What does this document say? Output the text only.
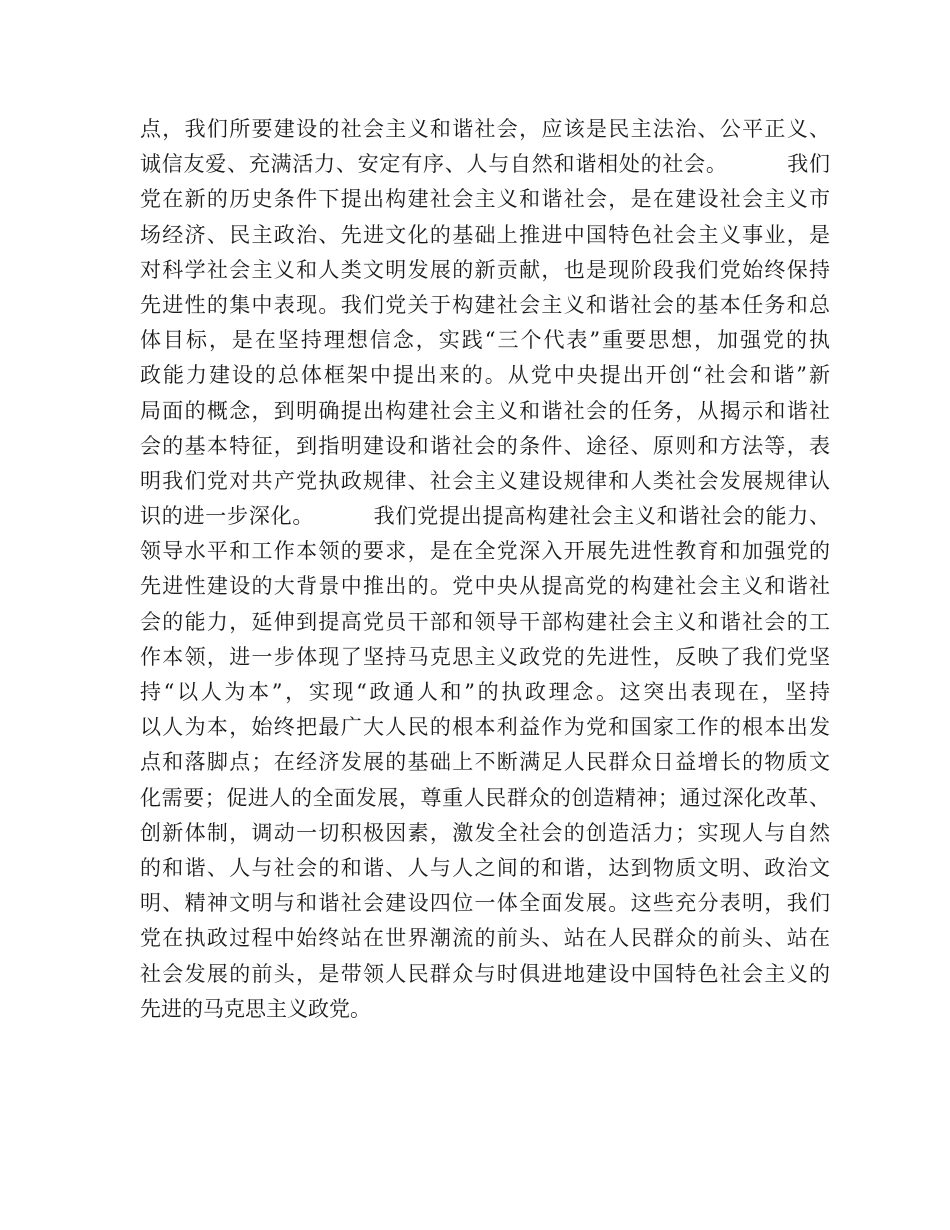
点，我们所要建设的社会主义和谐社会，应该是民主法治、公平正义、
诚信友爱、充满活力、安定有序、人与自然和谐相处的社会。        我们
党在新的历史条件下提出构建社会主义和谐社会，是在建设社会主义市
场经济、民主政治、先进文化的基础上推进中国特色社会主义事业，是
对科学社会主义和人类文明发展的新贡献，也是现阶段我们党始终保持
先进性的集中表现。我们党关于构建社会主义和谐社会的基本任务和总
体目标，是在坚持理想信念，实践“三个代表”重要思想，加强党的执
政能力建设的总体框架中提出来的。从党中央提出开创“社会和谐”新
局面的概念，到明确提出构建社会主义和谐社会的任务，从揭示和谐社
会的基本特征，到指明建设和谐社会的条件、途径、原则和方法等，表
明我们党对共产党执政规律、社会主义建设规律和人类社会发展规律认
识的进一步深化。        我们党提出提高构建社会主义和谐社会的能力、
领导水平和工作本领的要求，是在全党深入开展先进性教育和加强党的
先进性建设的大背景中推出的。党中央从提高党的构建社会主义和谐社
会的能力，延伸到提高党员干部和领导干部构建社会主义和谐社会的工
作本领，进一步体现了坚持马克思主义政党的先进性，反映了我们党坚
持“以人为本”，实现“政通人和”的执政理念。这突出表现在，坚持
以人为本，始终把最广大人民的根本利益作为党和国家工作的根本出发
点和落脚点；在经济发展的基础上不断满足人民群众日益增长的物质文
化需要；促进人的全面发展，尊重人民群众的创造精神；通过深化改革、
创新体制，调动一切积极因素，激发全社会的创造活力；实现人与自然
的和谐、人与社会的和谐、人与人之间的和谐，达到物质文明、政治文
明、精神文明与和谐社会建设四位一体全面发展。这些充分表明，我们
党在执政过程中始终站在世界潮流的前头、站在人民群众的前头、站在
社会发展的前头，是带领人民群众与时俱进地建设中国特色社会主义的
先进的马克思主义政党。
